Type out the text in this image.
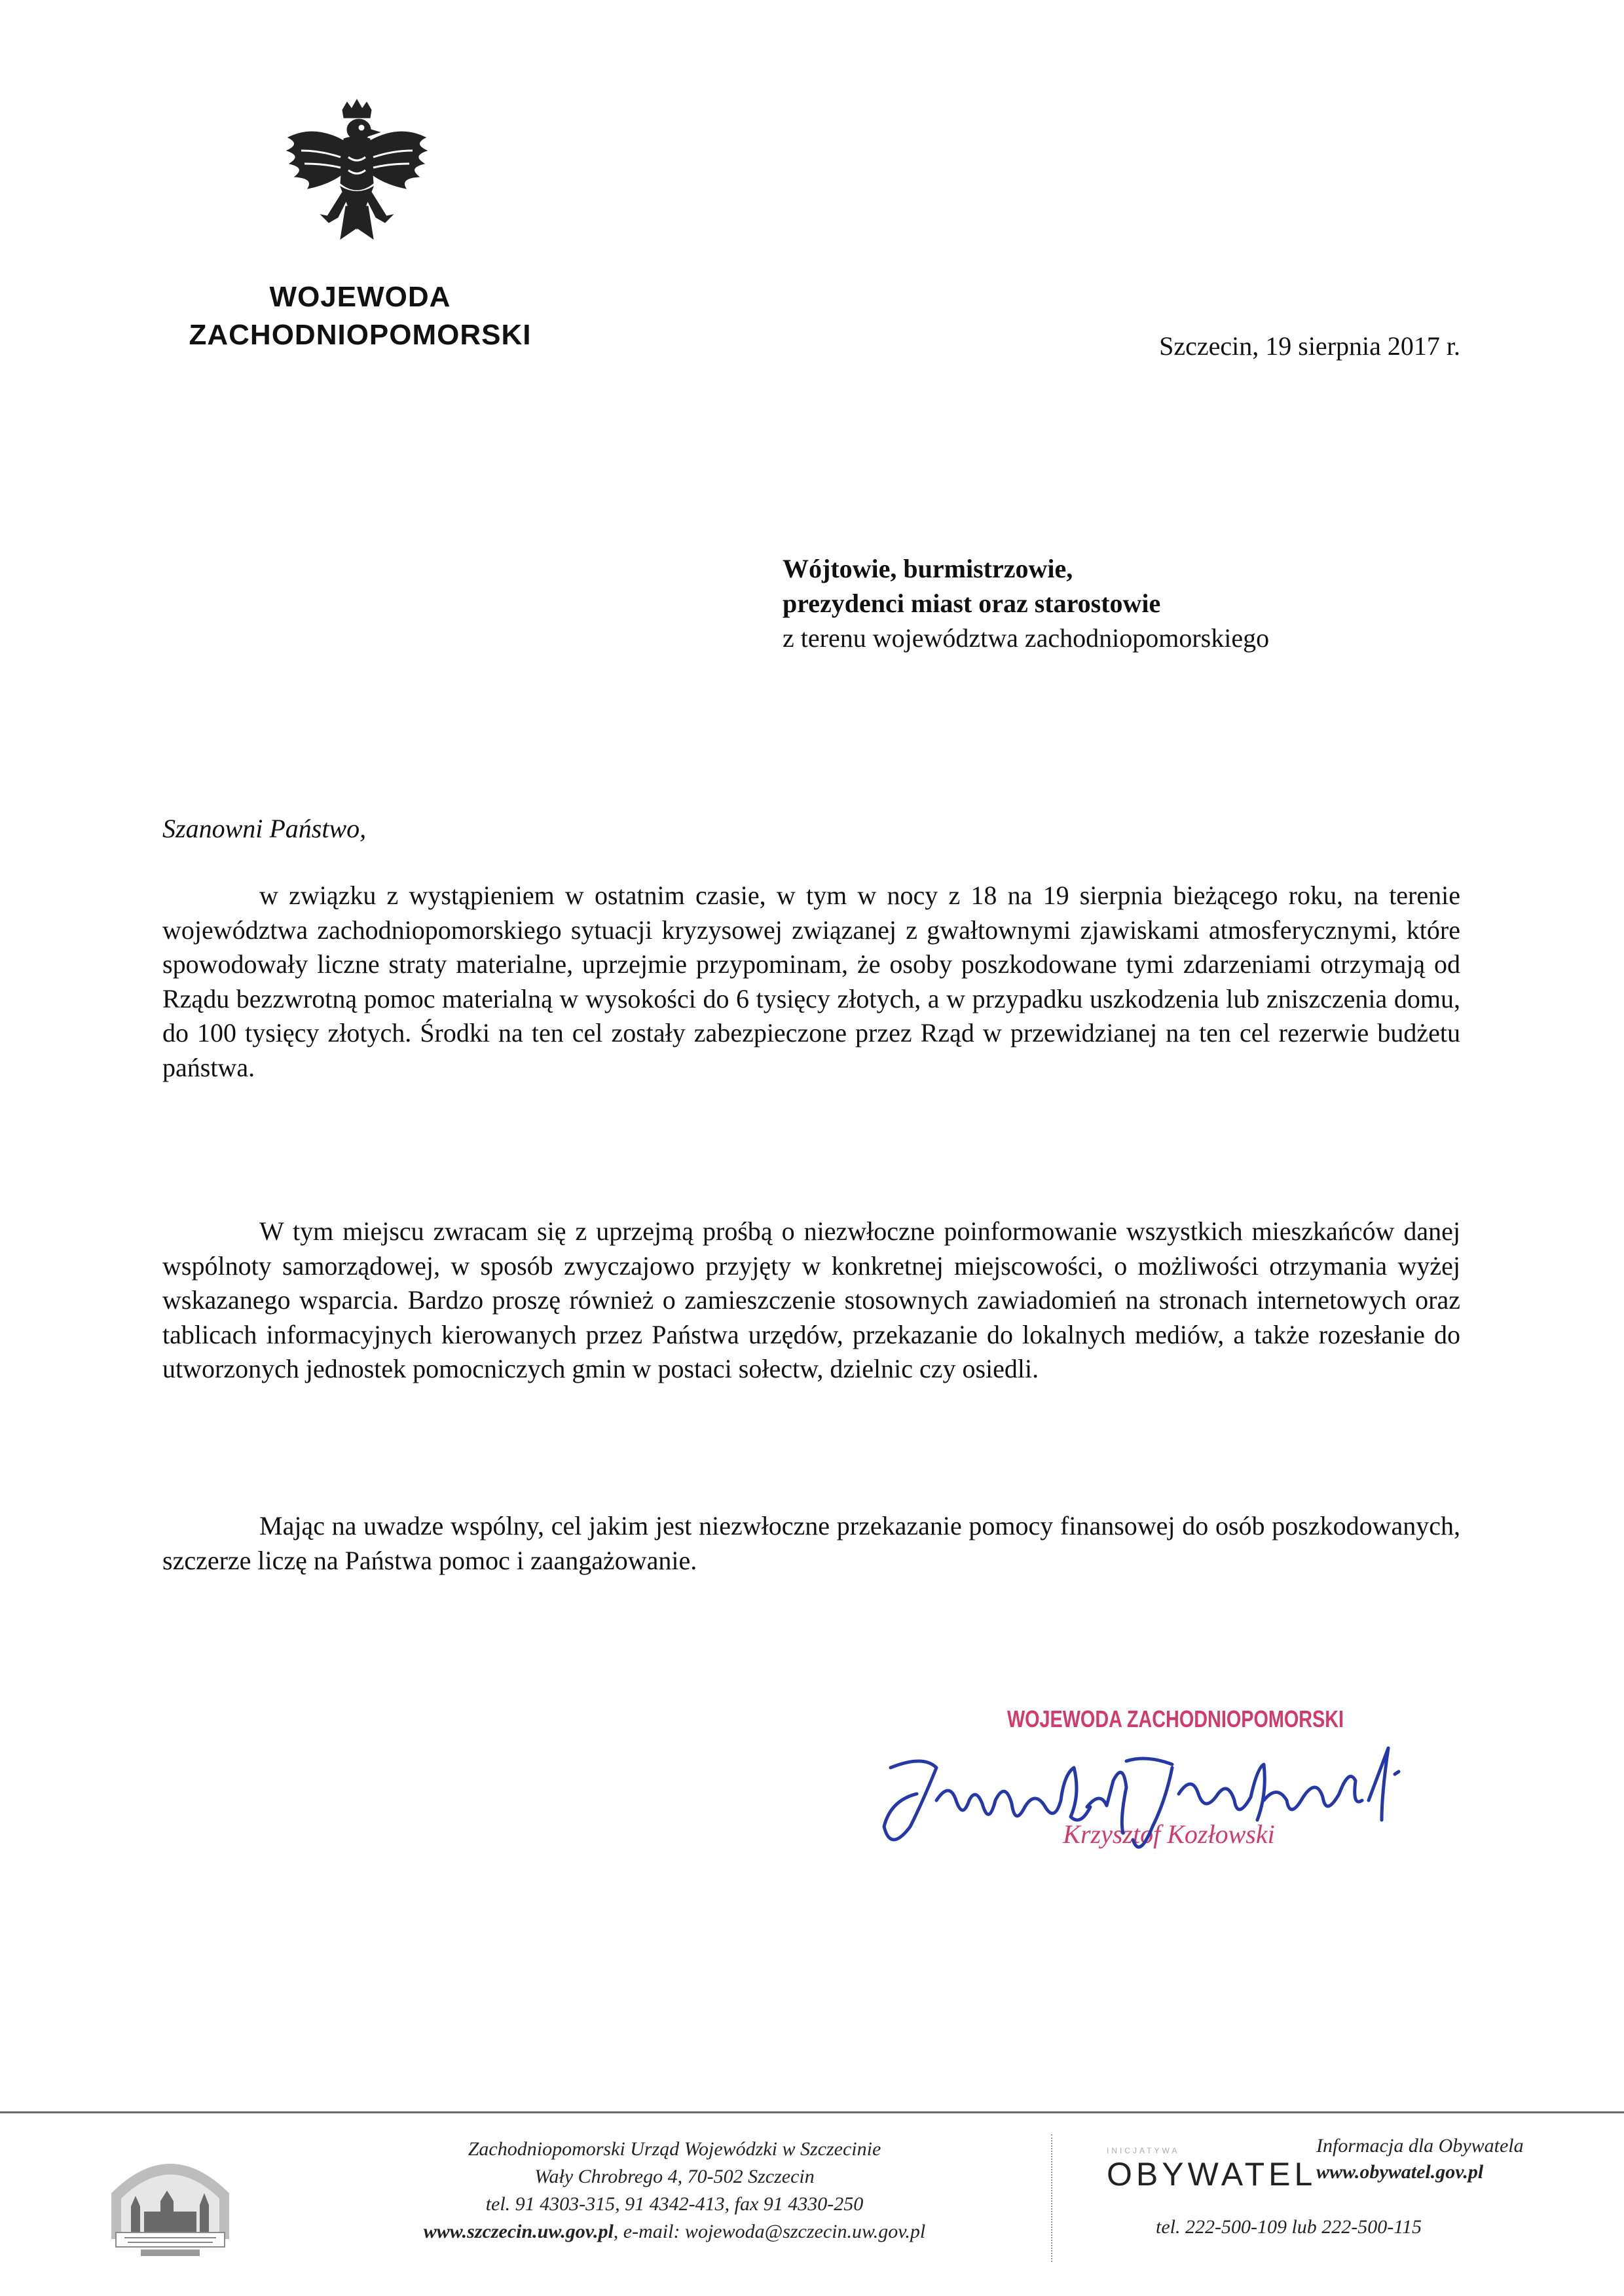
WOJEWODA
ZACHODNIOPOMORSKI	Szczecin, 19 sierpnia 2017 r.
Wójtowie, burmistrzowie,
prezydenci miast oraz starostowie
z terenu województwa zachodniopomorskiego
Szanowni Państwo,

w związku z wystąpieniem w ostatnim czasie, w tym w nocy z 18 na 19 sierpnia bieżącego roku, na terenie województwa zachodniopomorskiego sytuacji kryzysowej związanej z gwałtownymi zjawiskami atmosferycznymi, które spowodowały liczne straty materialne, uprzejmie przypominam, że osoby poszkodowane tymi zdarzeniami otrzymają od Rządu bezzwrotną pomoc materialną w wysokości do 6 tysięcy złotych, a w przypadku uszkodzenia lub zniszczenia domu, do 100 tysięcy złotych. Środki na ten cel zostały zabezpieczone przez Rząd w przewidzianej na ten cel rezerwie budżetu państwa.

W tym miejscu zwracam się z uprzejmą prośbą o niezwłoczne poinformowanie wszystkich mieszkańców danej wspólnoty samorządowej, w sposób zwyczajowo przyjęty w konkretnej miejscowości, o możliwości otrzymania wyżej wskazanego wsparcia. Bardzo proszę również o zamieszczenie stosownych zawiadomień na stronach internetowych oraz tablicach informacyjnych kierowanych przez Państwa urzędów, przekazanie do lokalnych mediów, a także rozesłanie do utworzonych jednostek pomocniczych gmin w postaci sołectw, dzielnic czy osiedli.

Mając na uwadze wspólny, cel jakim jest niezwłoczne przekazanie pomocy finansowej do osób poszkodowanych, szczerze liczę na Państwa pomoc i zaangażowanie.

WOJEWODA ZACHODNIOPOMORSKI
Krzysztof Kozłowski
Zachodniopomorski Urząd Wojewódzki w Szczecinie
Wały Chrobrego 4, 70-502 Szczecin
tel. 91 4303-315, 91 4342-413, fax 91 4330-250
www.szczecin.uw.gov.pl, e-mail: wojewoda@szczecin.uw.gov.pl
INICJATYWA
OBYWATEL
Informacja dla Obywatela
www.obywatel.gov.pl
tel. 222-500-109 lub 222-500-115
